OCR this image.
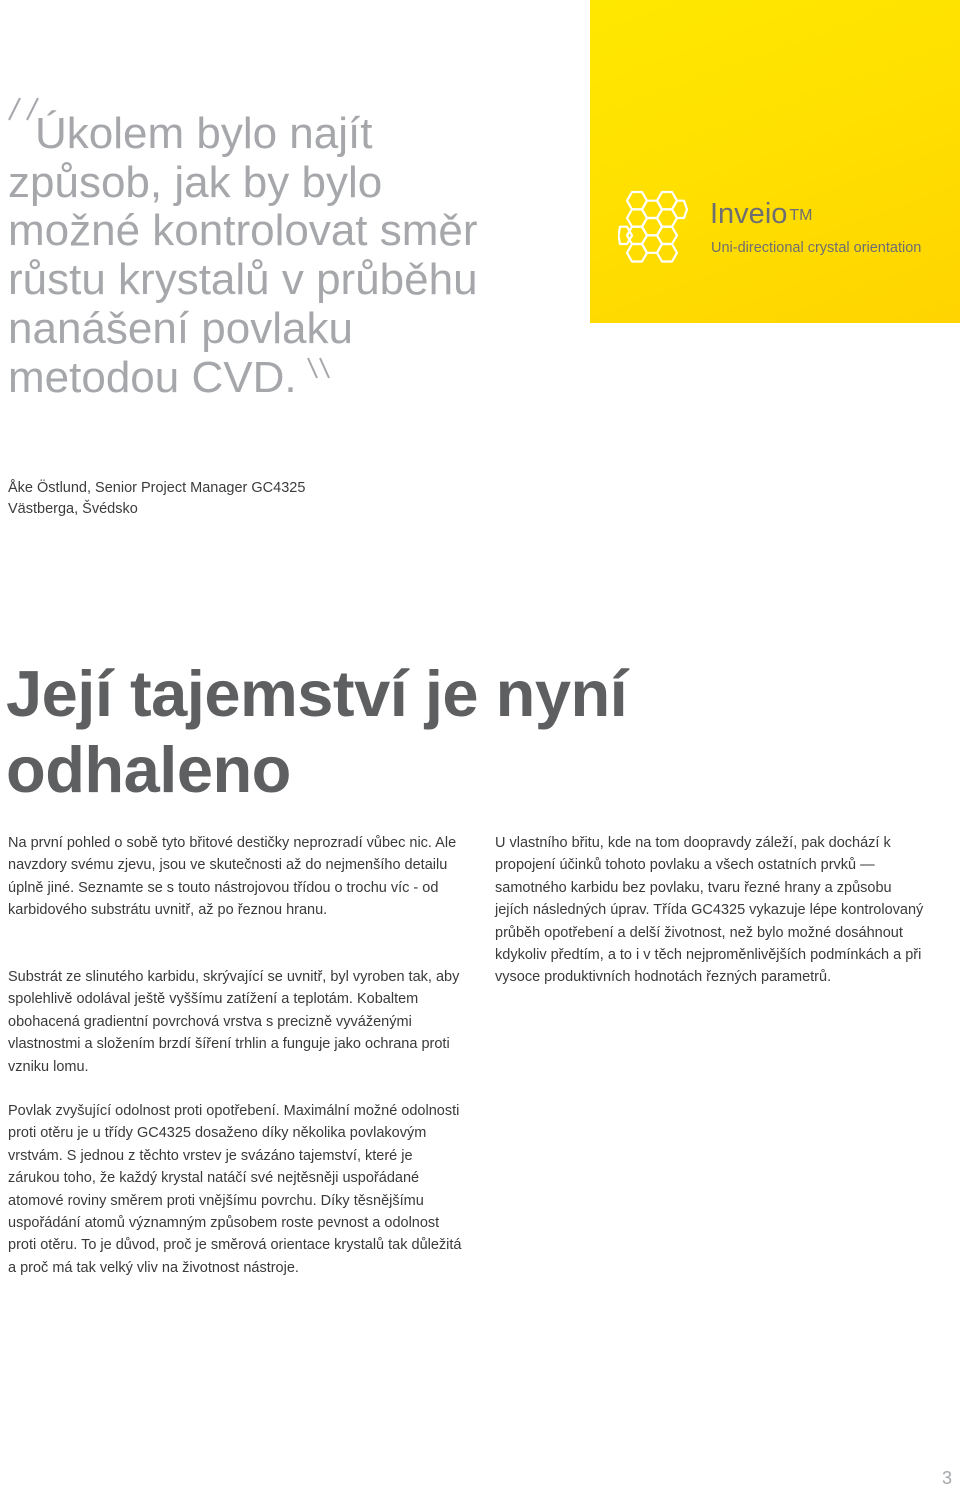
Úkolem bylo najít způsob, jak by bylo možné kontrolovat směr růstu krystalů v průběhu nanášení povlaku metodou CVD.
Åke Östlund, Senior Project Manager GC4325
Västberga, Švédsko
Inveio ™
Uni-directional crystal orientation
Její tajemství je nyní odhaleno

Na první pohled o sobě tyto břitové destičky neprozradí vůbec nic. Ale navzdory svému zjevu, jsou ve skutečnosti až do nejmenšího detailu úplně jiné. Seznamte se s touto nástrojovou třídou o trochu víc - od karbidového substrátu uvnitř, až po řeznou hranu.

Substrát ze slinutého karbidu, skrývající se uvnitř, byl vyroben tak, aby spolehlivě odolával ještě vyššímu zatížení a teplotám. Kobaltem obohacená gradientní povrchová vrstva s precizně vyváženými vlastnostmi a složením brzdí šíření trhlin a funguje jako ochrana proti vzniku lomu.

Povlak zvyšující odolnost proti opotřebení. Maximální možné odolnosti proti otěru je u třídy GC4325 dosaženo díky několika povlakovým vrstvám. S jednou z těchto vrstev je svázáno tajemství, které je zárukou toho, že každý krystal natáčí své nejtěsněji uspořádané atomové roviny směrem proti vnějšímu povrchu. Díky těsnějšímu uspořádání atomů významným způsobem roste pevnost a odolnost proti otěru. To je důvod, proč je směrová orientace krystalů tak důležitá a proč má tak velký vliv na životnost nástroje.

U vlastního břitu, kde na tom doopravdy záleží, pak dochází k propojení účinků tohoto povlaku a všech ostatních prvků — samotného karbidu bez povlaku, tvaru řezné hrany a způsobu jejích následných úprav. Třída GC4325 vykazuje lépe kontrolovaný průběh opotřebení a delší životnost, než bylo možné dosáhnout kdykoliv předtím, a to i v těch nejproměnlivějších podmínkách a při vysoce produktivních hodnotách řezných parametrů.

3
